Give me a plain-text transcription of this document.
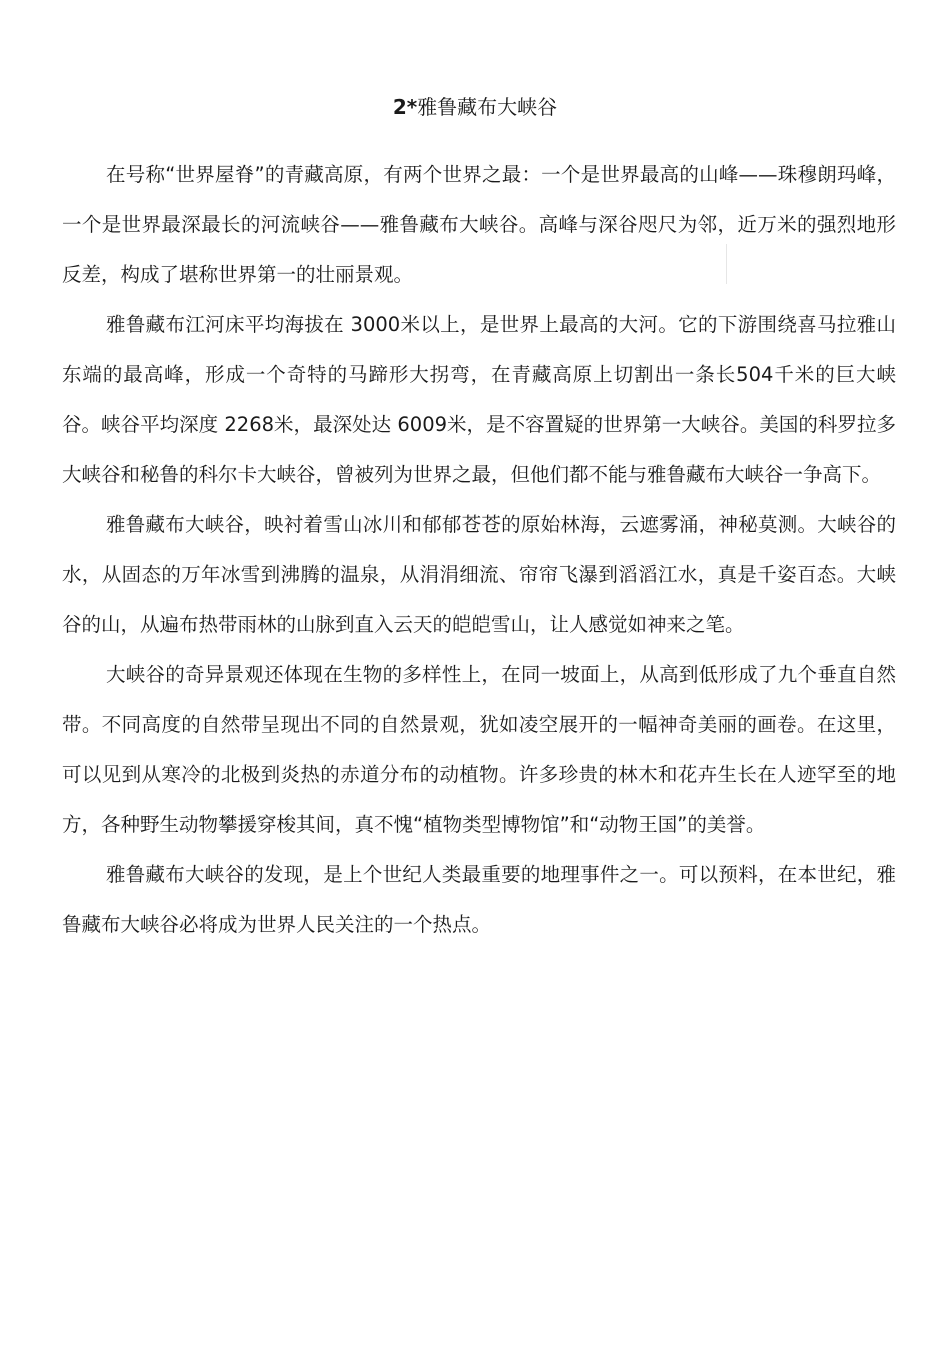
2*雅鲁藏布大峡谷

在号称“世界屋脊”的青藏高原，有两个世界之最：一个是世界最高的山峰——珠穆朗玛峰，一个是世界最深最长的河流峡谷——雅鲁藏布大峡谷。高峰与深谷咫尺为邻，近万米的强烈地形反差，构成了堪称世界第一的壮丽景观。

雅鲁藏布江河床平均海拔在 3000米以上，是世界上最高的大河。它的下游围绕喜马拉雅山东端的最高峰，形成一个奇特的马蹄形大拐弯，在青藏高原上切割出一条长504千米的巨大峡谷。峡谷平均深度 2268米，最深处达 6009米，是不容置疑的世界第一大峡谷。美国的科罗拉多大峡谷和秘鲁的科尔卡大峡谷，曾被列为世界之最，但他们都不能与雅鲁藏布大峡谷一争高下。

雅鲁藏布大峡谷，映衬着雪山冰川和郁郁苍苍的原始林海，云遮雾涌，神秘莫测。大峡谷的水，从固态的万年冰雪到沸腾的温泉，从涓涓细流、帘帘飞瀑到滔滔江水，真是千姿百态。大峡谷的山，从遍布热带雨林的山脉到直入云天的皑皑雪山，让人感觉如神来之笔。

大峡谷的奇异景观还体现在生物的多样性上，在同一坡面上，从高到低形成了九个垂直自然带。不同高度的自然带呈现出不同的自然景观，犹如凌空展开的一幅神奇美丽的画卷。在这里，可以见到从寒冷的北极到炎热的赤道分布的动植物。许多珍贵的林木和花卉生长在人迹罕至的地方，各种野生动物攀援穿梭其间，真不愧“植物类型博物馆”和“动物王国”的美誉。

雅鲁藏布大峡谷的发现，是上个世纪人类最重要的地理事件之一。可以预料，在本世纪，雅鲁藏布大峡谷必将成为世界人民关注的一个热点。
